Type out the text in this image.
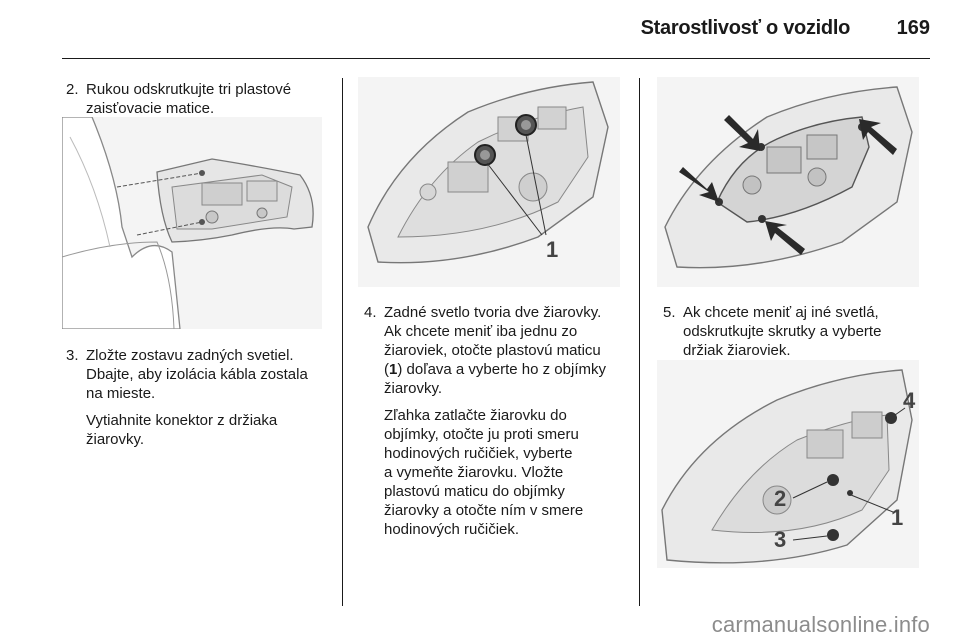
Starostlivosť o vozidlo	169
2. Rukou odskrutkujte tri plastové
zaisťovacie matice.
3. Zložte zostavu zadných svetiel.
Dbajte, aby izolácia kábla zostala
na mieste.

Vytiahnite konektor z držiaka
žiarovky.

1
4. Zadné svetlo tvoria dve žiarovky.
Ak chcete meniť iba jednu zo
žiaroviek, otočte plastovú maticu
(1) doľava a vyberte ho z objímky
žiarovky.

Zľahka zatlačte žiarovku do
objímky, otočte ju proti smeru
hodinových ručičiek, vyberte
a vymeňte žiarovku. Vložte
plastovú maticu do objímky
žiarovky a otočte ním v smere
hodinových ručičiek.

5. Ak chcete meniť aj iné svetlá,
odskrutkujte skrutky a vyberte
držiak žiaroviek.

4
1
2
3
carmanualsonline.info
